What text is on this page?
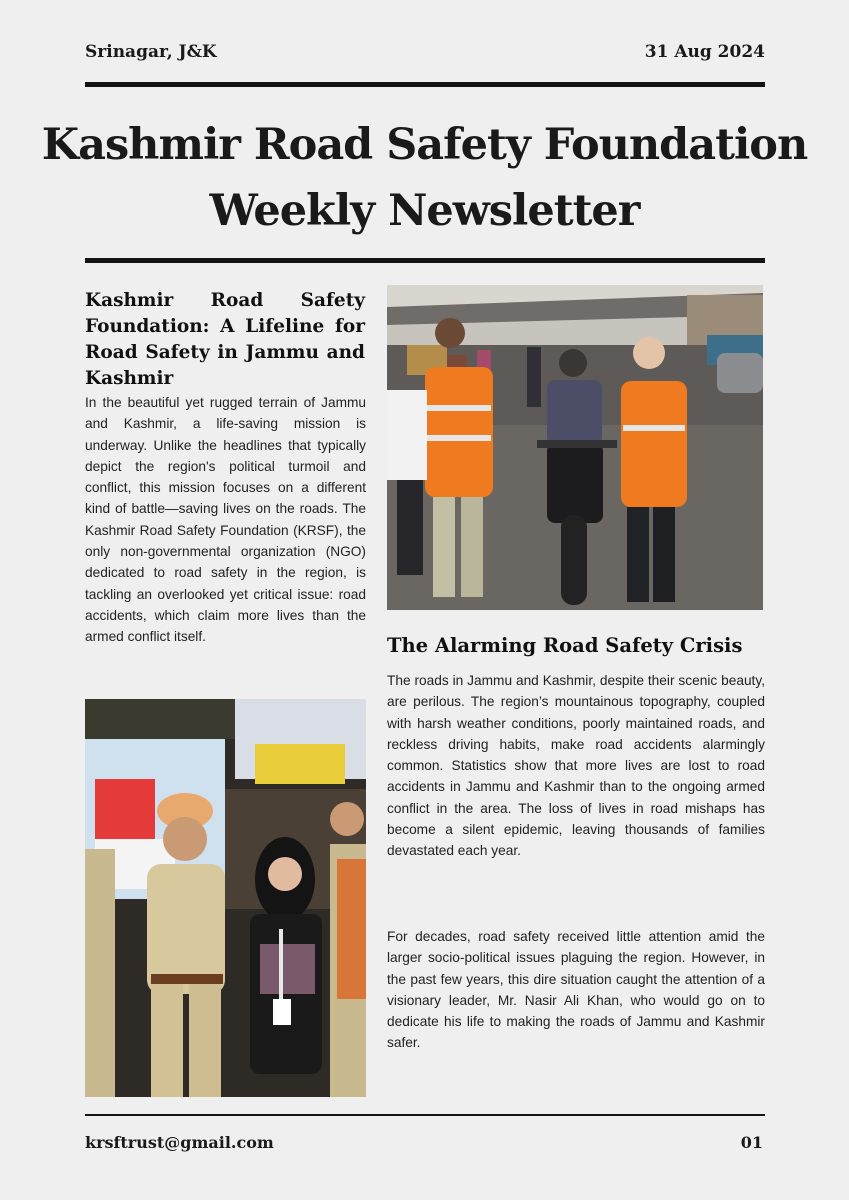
Srinagar, J&K	31 Aug 2024
Kashmir Road Safety Foundation
Weekly Newsletter
Kashmir Road Safety Foundation: A Lifeline for Road Safety in Jammu and Kashmir

In the beautiful yet rugged terrain of Jammu and Kashmir, a life-saving mission is underway. Unlike the headlines that typically depict the region's political turmoil and conflict, this mission focuses on a different kind of battle—saving lives on the roads. The Kashmir Road Safety Foundation (KRSF), the only non-governmental organization (NGO) dedicated to road safety in the region, is tackling an overlooked yet critical issue: road accidents, which claim more lives than the armed conflict itself.	The Alarming Road Safety Crisis

The roads in Jammu and Kashmir, despite their scenic beauty, are perilous. The region’s mountainous topography, coupled with harsh weather conditions, poorly maintained roads, and reckless driving habits, make road accidents alarmingly common. Statistics show that more lives are lost to road accidents in Jammu and Kashmir than to the ongoing armed conflict in the area. The loss of lives in road mishaps has become a silent epidemic, leaving thousands of families devastated each year.

For decades, road safety received little attention amid the larger socio-political issues plaguing the region. However, in the past few years, this dire situation caught the attention of a visionary leader, Mr. Nasir Ali Khan, who would go on to dedicate his life to making the roads of Jammu and Kashmir safer.

krsftrust@gmail.com	01
